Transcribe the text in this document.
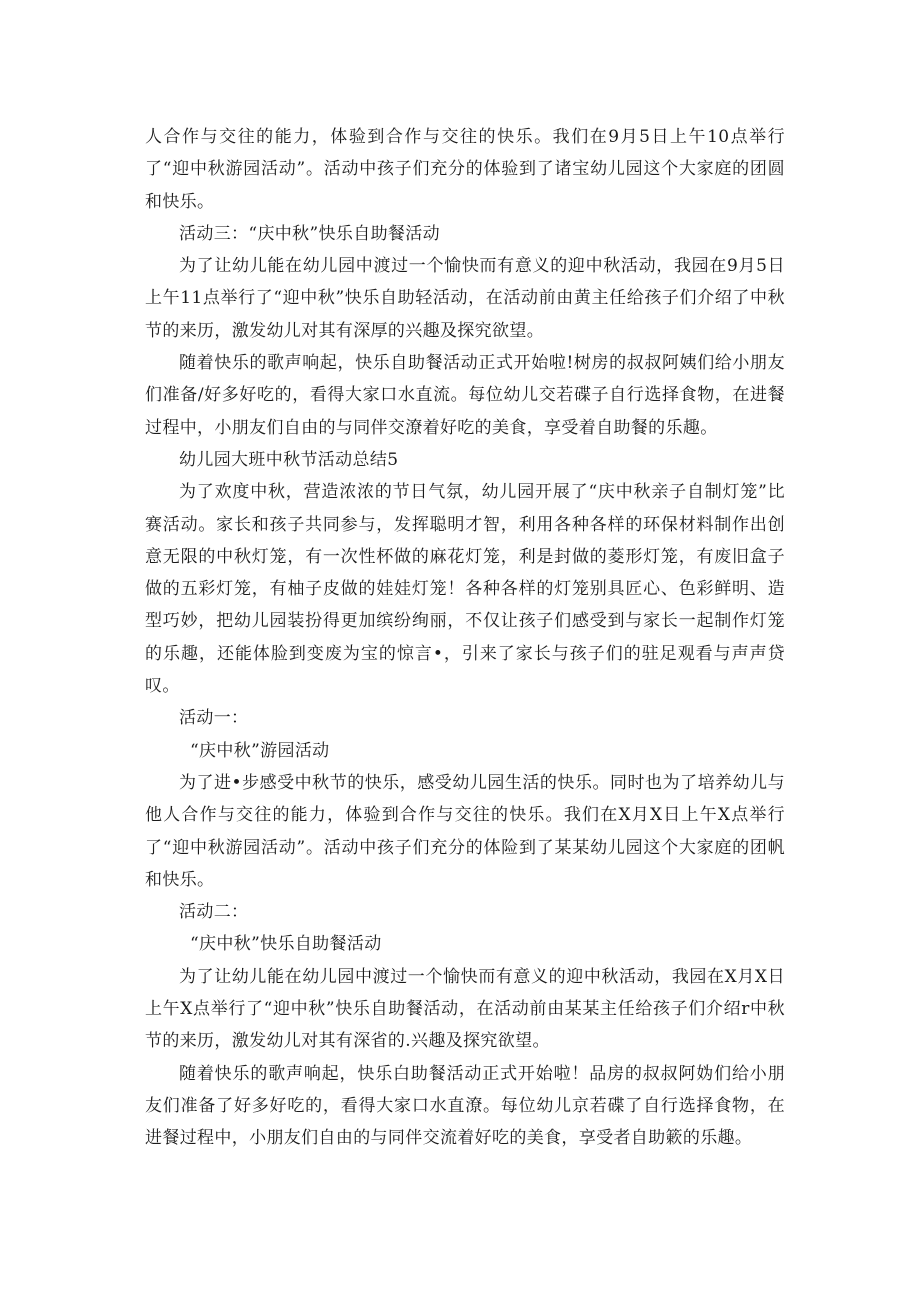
人合作与交往的能力，体验到合作与交往的快乐。我们在9月5日上午10点举行了“迎中秋游园活动”。活动中孩子们充分的体验到了诸宝幼儿园这个大家庭的团圆和快乐。

活动三：“庆中秋”快乐自助餐活动

为了让幼儿能在幼儿园中渡过一个愉快而有意义的迎中秋活动，我园在9月5日上午11点举行了“迎中秋”快乐自助轻活动，在活动前由黄主任给孩子们介绍了中秋节的来历，激发幼儿对其有深厚的兴趣及探究欲望。

随着快乐的歌声响起，快乐自助餐活动正式开始啦!树房的叔叔阿姨们给小朋友们准备/好多好吃的，看得大家口水直流。每位幼儿交若碟子自行选择食物，在进餐过程中，小朋友们自由的与同伴交潦着好吃的美食，享受着自助餐的乐趣。

幼儿园大班中秋节活动总结5

为了欢度中秋，营造浓浓的节日气氛，幼儿园开展了“庆中秋亲子自制灯笼”比赛活动。家长和孩子共同参与，发挥聪明才智，利用各种各样的环保材料制作出创意无限的中秋灯笼，有一次性杯做的麻花灯笼，利是封做的菱形灯笼，有废旧盒子做的五彩灯笼，有柚子皮做的娃娃灯笼！各种各样的灯笼别具匠心、色彩鲜明、造型巧妙，把幼儿园装扮得更加缤纷绚丽，不仅让孩子们感受到与家长一起制作灯笼的乐趣，还能体脸到变废为宝的惊言•，引来了家长与孩子们的驻足观看与声声贷叹。

活动一：

“庆中秋”游园活动

为了进•步感受中秋节的快乐，感受幼儿园生活的快乐。同时也为了培养幼儿与他人合作与交往的能力，体验到合作与交往的快乐。我们在X月X日上午X点举行了“迎中秋游园活动”。活动中孩子们充分的体险到了某某幼儿园这个大家庭的团帆和快乐。

活动二：

“庆中秋”快乐自助餐活动

为了让幼儿能在幼儿园中渡过一个愉快而有意义的迎中秋活动，我园在X月X日上午X点举行了“迎中秋”快乐自助餐活动，在活动前由某某主任给孩子们介绍r中秋节的来历，激发幼儿对其有深省的.兴趣及探究欲望。

随着快乐的歌声响起，快乐白助餐活动正式开始啦！品房的叔叔阿妫们给小朋友们准备了好多好吃的，看得大家口水直潦。每位幼儿京若碟了自行选择食物，在进餐过程中，小朋友们自由的与同伴交流着好吃的美食，享受者自助簌的乐趣。
